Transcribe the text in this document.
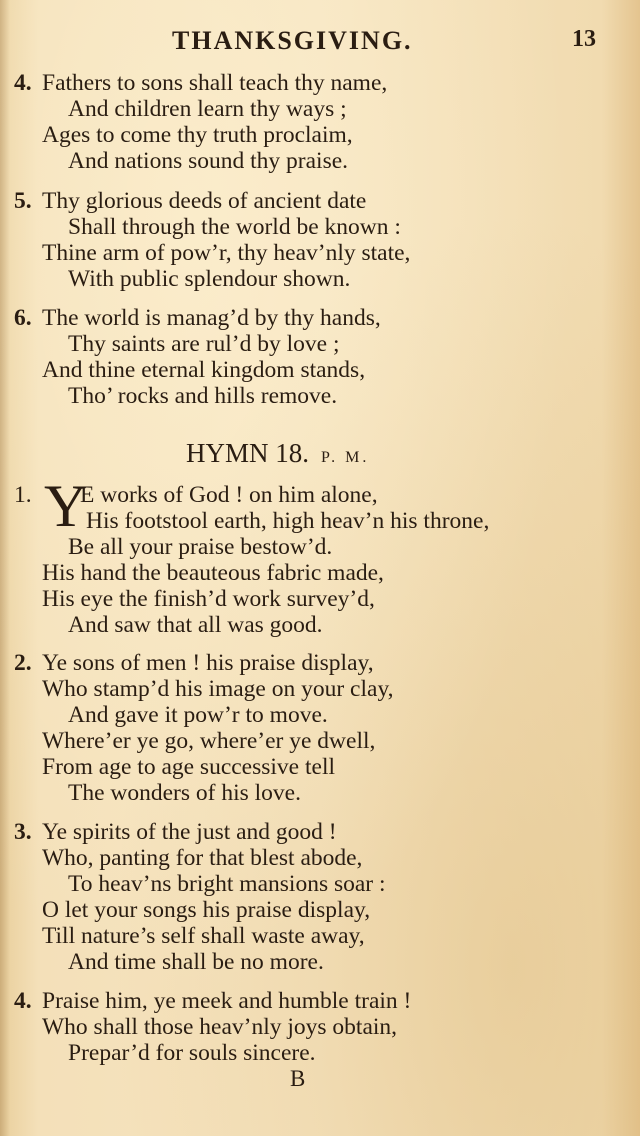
THANKSGIVING.	13
4. Fathers to sons shall teach thy name,
And children learn thy ways ;
Ages to come thy truth proclaim,
And nations sound thy praise.
5. Thy glorious deeds of ancient date
Shall through the world be known :
Thine arm of pow’r, thy heav’nly state,
With public splendour shown.
6. The world is manag’d by thy hands,
Thy saints are rul’d by love ;
And thine eternal kingdom stands,
Tho’ rocks and hills remove.
HYMN 18. P. M.
1. Y
E works of God ! on him alone,
His footstool earth, high heav’n his throne,
Be all your praise bestow’d.
His hand the beauteous fabric made,
His eye the finish’d work survey’d,
And saw that all was good.
2. Ye sons of men ! his praise display,
Who stamp’d his image on your clay,
And gave it pow’r to move.
Where’er ye go, where’er ye dwell,
From age to age successive tell
The wonders of his love.
3. Ye spirits of the just and good !
Who, panting for that blest abode,
To heav’ns bright mansions soar :
O let your songs his praise display,
Till nature’s self shall waste away,
And time shall be no more.
4. Praise him, ye meek and humble train !
Who shall those heav’nly joys obtain,
Prepar’d for souls sincere.
B
